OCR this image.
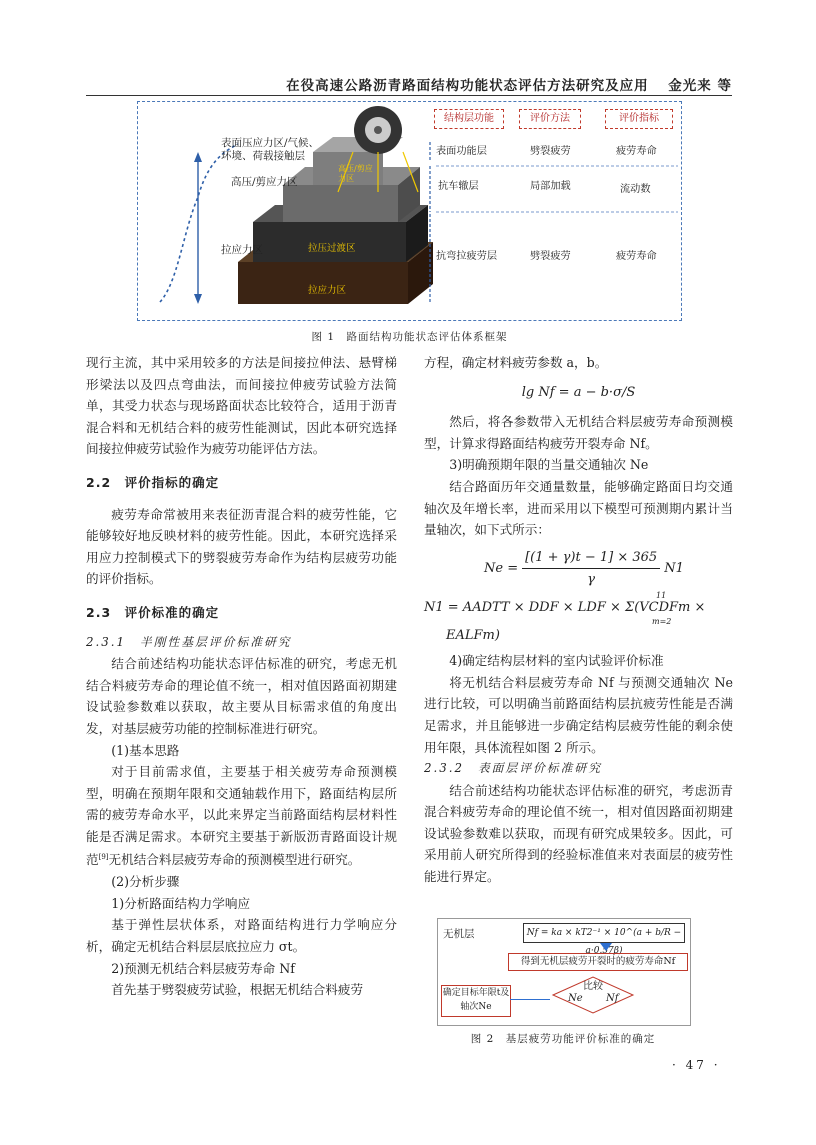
在役高速公路沥青路面结构功能状态评估方法研究及应用 金光来 等
表面压应力区/气候、
环境、荷载接触层
高压/剪应力区
拉应力区
高压/剪应力区
拉压过渡区
拉应力区
结构层功能	评价方法	评价指标
表面功能层	劈裂疲劳	疲劳寿命
抗车辙层	局部加载	流动数
抗弯拉疲劳层	劈裂疲劳	疲劳寿命
图 1　路面结构功能状态评估体系框架

现行主流，其中采用较多的方法是间接拉伸法、悬臂梯形梁法以及四点弯曲法，而间接拉伸疲劳试验方法简单，其受力状态与现场路面状态比较符合，适用于沥青混合料和无机结合料的疲劳性能测试，因此本研究选择间接拉伸疲劳试验作为疲劳功能评估方法。

2.2　评价指标的确定

疲劳寿命常被用来表征沥青混合料的疲劳性能，它能够较好地反映材料的疲劳性能。因此，本研究选择采用应力控制模式下的劈裂疲劳寿命作为结构层疲劳功能的评价指标。

2.3　评价标准的确定

2.3.1　半刚性基层评价标准研究

结合前述结构功能状态评估标准的研究，考虑无机结合料疲劳寿命的理论值不统一，相对值因路面初期建设试验参数难以获取，故主要从目标需求值的角度出发，对基层疲劳功能的控制标准进行研究。

(1)基本思路

对于目前需求值，主要基于相关疲劳寿命预测模型，明确在预期年限和交通轴载作用下，路面结构层所需的疲劳寿命水平，以此来界定当前路面结构层材料性能是否满足需求。本研究主要基于新版沥青路面设计规范[9]无机结合料层疲劳寿命的预测模型进行研究。

(2)分析步骤

1)分析路面结构力学响应

基于弹性层状体系，对路面结构进行力学响应分析，确定无机结合料层层底拉应力 σt。

2)预测无机结合料层疲劳寿命 Nf

首先基于劈裂疲劳试验，根据无机结合料疲劳

方程，确定材料疲劳参数 a，b。

lg Nf = a − b·σ/S

然后，将各参数带入无机结合料层疲劳寿命预测模型，计算求得路面结构疲劳开裂寿命 Nf。

3)明确预期年限的当量交通轴次 Ne

结合路面历年交通量数量，能够确定路面日均交通轴次及年增长率，进而采用以下模型可预测期内累计当量轴次，如下式所示：

$Ne = \frac{[(1 + \gamma)t - 1] \times 365}{\gamma} N1$
N1 = AADTT × DDF × LDF × Σ(VCDFm ×
11
m=2

EALFm)

4)确定结构层材料的室内试验评价标准

将无机结合料层疲劳寿命 Nf 与预测交通轴次 Ne 进行比较，可以明确当前路面结构层抗疲劳性能是否满足需求，并且能够进一步确定结构层疲劳性能的剩余使用年限，具体流程如图 2 所示。

2.3.2　表面层评价标准研究

结合前述结构功能状态评估标准的研究，考虑沥青混合料疲劳寿命的理论值不统一，相对值因路面初期建设试验参数难以获取，而现有研究成果较多。因此，可采用前人研究所得到的经验标准值来对表面层的疲劳性能进行界定。

无机层	Nf = ka × kT2⁻¹ × 10^(a + b/R − a·0.57β)
得到无机层疲劳开裂时的疲劳寿命Nf
确定目标年限t及轴次Ne
比较
Ne Nf
图 2　基层疲劳功能评价标准的确定
· 47 ·
